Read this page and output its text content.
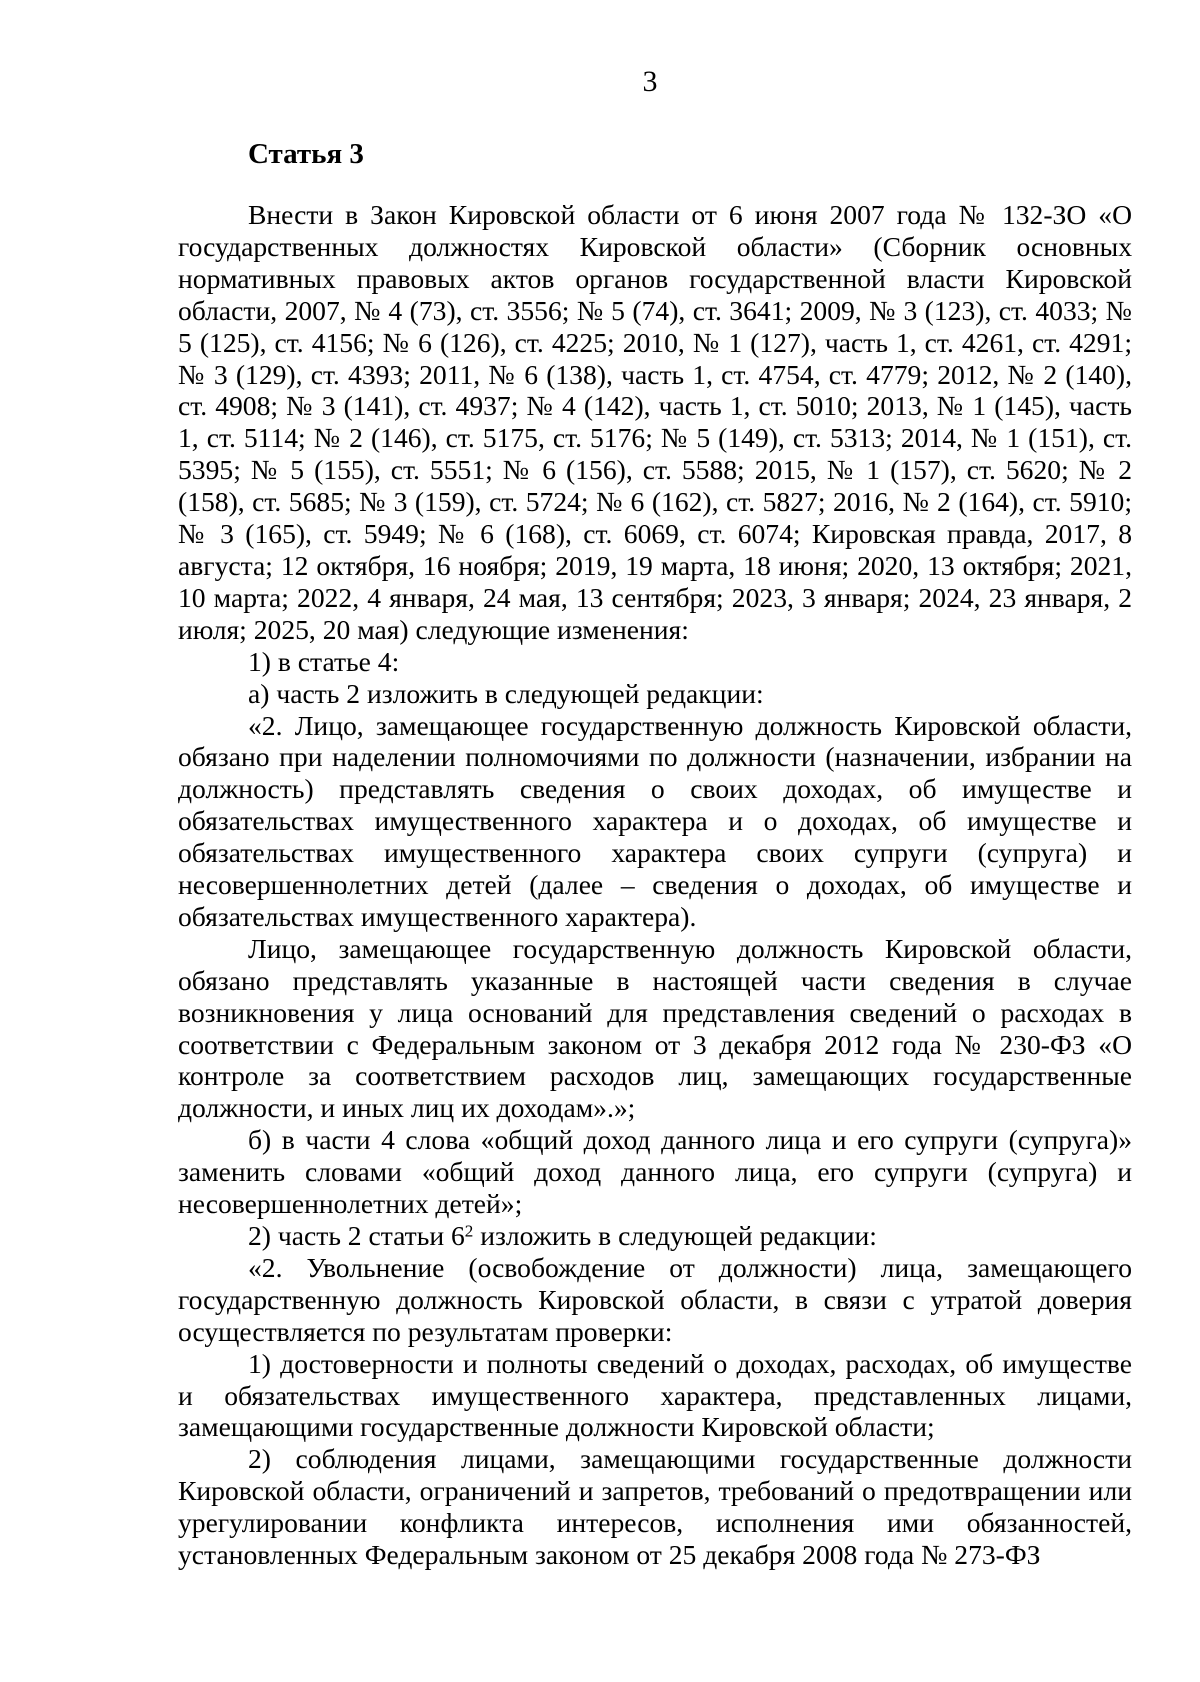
3
Статья 3

Внести в Закон Кировской области от 6 июня 2007 года № 132-ЗО «О государственных должностях Кировской области» (Сборник основных нормативных правовых актов органов государственной власти Кировской области, 2007, № 4 (73), ст. 3556; № 5 (74), ст. 3641; 2009, № 3 (123), ст. 4033; № 5 (125), ст. 4156; № 6 (126), ст. 4225; 2010, № 1 (127), часть 1, ст. 4261, ст. 4291; № 3 (129), ст. 4393; 2011, № 6 (138), часть 1, ст. 4754, ст. 4779; 2012, № 2 (140), ст. 4908; № 3 (141), ст. 4937; № 4 (142), часть 1, ст. 5010; 2013, № 1 (145), часть 1, ст. 5114; № 2 (146), ст. 5175, ст. 5176; № 5 (149), ст. 5313; 2014, № 1 (151), ст. 5395; № 5 (155), ст. 5551; № 6 (156), ст. 5588; 2015, № 1 (157), ст. 5620; № 2 (158), ст. 5685; № 3 (159), ст. 5724; № 6 (162), ст. 5827; 2016, № 2 (164), ст. 5910; № 3 (165), ст. 5949; № 6 (168), ст. 6069, ст. 6074; Кировская правда, 2017, 8 августа; 12 октября, 16 ноября; 2019, 19 марта, 18 июня; 2020, 13 октября; 2021, 10 марта; 2022, 4 января, 24 мая, 13 сентября; 2023, 3 января; 2024, 23 января, 2 июля; 2025, 20 мая) следующие изменения:

1) в статье 4:

а) часть 2 изложить в следующей редакции:

«2. Лицо, замещающее государственную должность Кировской области, обязано при наделении полномочиями по должности (назначении, избрании на должность) представлять сведения о своих доходах, об имуществе и обязательствах имущественного характера и о доходах, об имуществе и обязательствах имущественного характера своих супруги (супруга) и несовершеннолетних детей (далее – сведения о доходах, об имуществе и обязательствах имущественного характера).

Лицо, замещающее государственную должность Кировской области, обязано представлять указанные в настоящей части сведения в случае возникновения у лица оснований для представления сведений о расходах в соответствии с Федеральным законом от 3 декабря 2012 года № 230-ФЗ «О контроле за соответствием расходов лиц, замещающих государственные должности, и иных лиц их доходам».»;

б) в части 4 слова «общий доход данного лица и его супруги (супруга)» заменить словами «общий доход данного лица, его супруги (супруга) и несовершеннолетних детей»;

2) часть 2 статьи $6^2$ изложить в следующей редакции:

«2. Увольнение (освобождение от должности) лица, замещающего государственную должность Кировской области, в связи с утратой доверия осуществляется по результатам проверки:

1) достоверности и полноты сведений о доходах, расходах, об имуществе и обязательствах имущественного характера, представленных лицами, замещающими государственные должности Кировской области;

2) соблюдения лицами, замещающими государственные должности Кировской области, ограничений и запретов, требований о предотвращении или урегулировании конфликта интересов, исполнения ими обязанностей, установленных Федеральным законом от 25 декабря 2008 года № 273-ФЗ
